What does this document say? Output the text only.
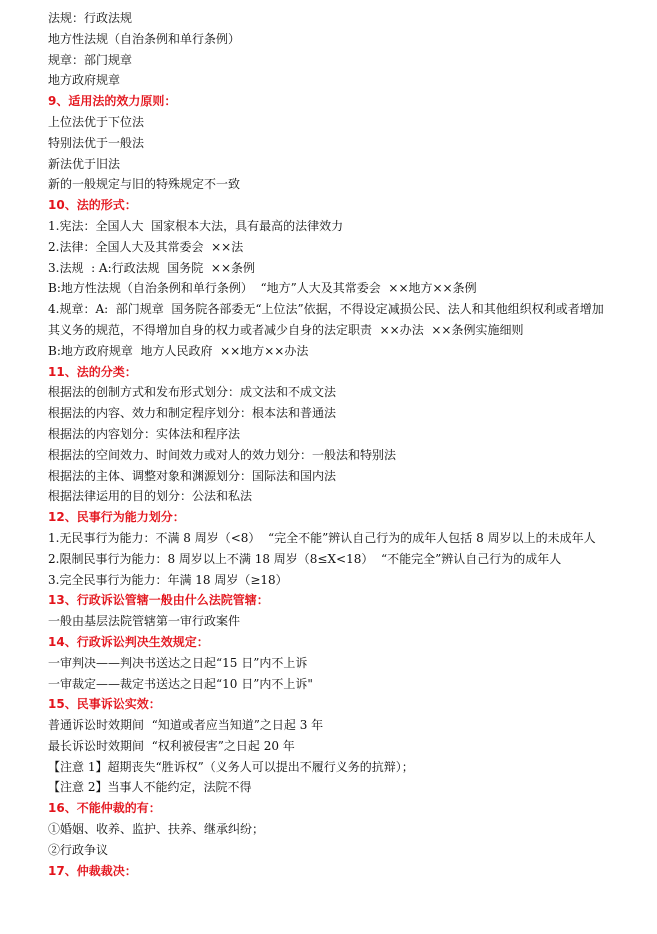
法规：行政法规
地方性法规（自治条例和单行条例）
规章：部门规章
地方政府规章
9、适用法的效力原则：
上位法优于下位法
特别法优于一般法
新法优于旧法
新的一般规定与旧的特殊规定不一致
10、法的形式：
1.宪法：全国人大  国家根本大法，具有最高的法律效力
2.法律：全国人大及其常委会  ××法
3.法规  : A:行政法规  国务院  ××条例
B:地方性法规（自治条例和单行条例）  “地方”人大及其常委会  ××地方××条例
4.规章：A:  部门规章  国务院各部委无“上位法”依据，不得设定减损公民、法人和其他组织权利或者增加其义务的规范，不得增加自身的权力或者减少自身的法定职责  ××办法  ××条例实施细则
B:地方政府规章  地方人民政府  ××地方××办法
11、法的分类：
根据法的创制方式和发布形式划分：成文法和不成文法
根据法的内容、效力和制定程序划分：根本法和普通法
根据法的内容划分：实体法和程序法
根据法的空间效力、时间效力或对人的效力划分：一般法和特别法
根据法的主体、调整对象和渊源划分：国际法和国内法
根据法律运用的目的划分：公法和私法
12、民事行为能力划分：
1.无民事行为能力：不满 8 周岁（<8）  “完全不能”辨认自己行为的成年人包括 8 周岁以上的未成年人
2.限制民事行为能力：8 周岁以上不满 18 周岁（8≤X<18）  “不能完全”辨认自己行为的成年人
3.完全民事行为能力：年满 18 周岁（≥18）
13、行政诉讼管辖一般由什么法院管辖：
一般由基层法院管辖第一审行政案件
14、行政诉讼判决生效规定：
一审判决——判决书送达之日起“15 日”内不上诉
一审裁定——裁定书送达之日起“10 日”内不上诉"
15、民事诉讼实效：
普通诉讼时效期间  “知道或者应当知道”之日起 3 年
最长诉讼时效期间  “权利被侵害”之日起 20 年
【注意 1】超期丧失“胜诉权”（义务人可以提出不履行义务的抗辩）；
【注意 2】当事人不能约定，法院不得
16、不能仲裁的有：
①婚姻、收养、监护、扶养、继承纠纷；
②行政争议
17、仲裁裁决：
